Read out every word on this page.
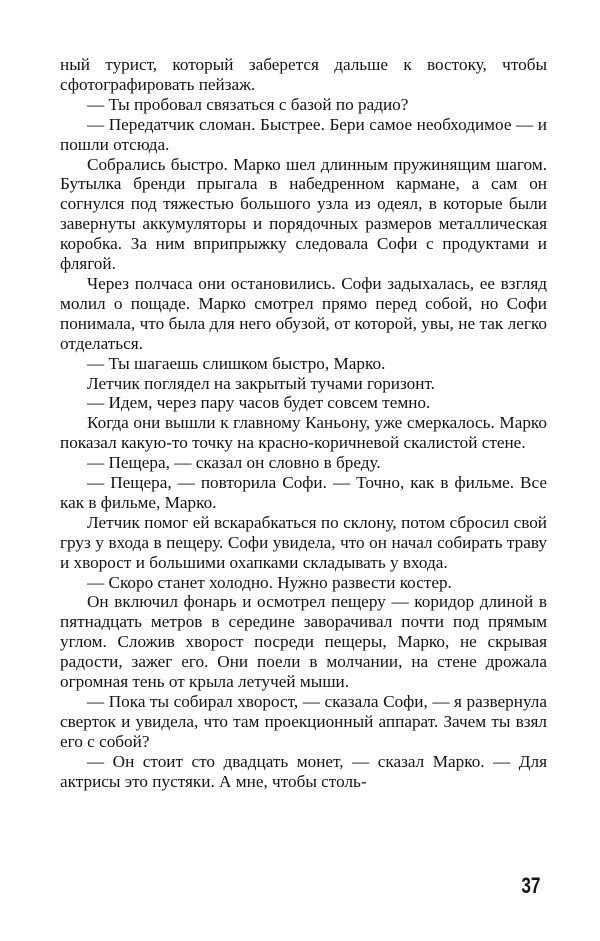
ный турист, который заберется дальше к востоку, чтобы сфотографировать пейзаж.

— Ты пробовал связаться с базой по радио?

— Передатчик сломан. Быстрее. Бери самое необходимое — и пошли отсюда.

Собрались быстро. Марко шел длинным пружинящим шагом. Бутылка бренди прыгала в набедренном кармане, а сам он согнулся под тяжестью большого узла из одеял, в которые были завернуты аккумуляторы и порядочных размеров металлическая коробка. За ним вприпрыжку следовала Софи с продуктами и флягой.

Через полчаса они остановились. Софи задыхалась, ее взгляд молил о пощаде. Марко смотрел прямо перед собой, но Софи понимала, что была для него обузой, от которой, увы, не так легко отделаться.

— Ты шагаешь слишком быстро, Марко.

Летчик поглядел на закрытый тучами горизонт.

— Идем, через пару часов будет совсем темно.

Когда они вышли к главному Каньону, уже смеркалось. Марко показал какую-то точку на красно-коричневой скалистой стене.

— Пещера, — сказал он словно в бреду.

— Пещера, — повторила Софи. — Точно, как в фильме. Все как в фильме, Марко.

Летчик помог ей вскарабкаться по склону, потом сбросил свой груз у входа в пещеру. Софи увидела, что он начал собирать траву и хворост и большими охапками складывать у входа.

— Скоро станет холодно. Нужно развести костер.

Он включил фонарь и осмотрел пещеру — коридор длиной в пятнадцать метров в середине заворачивал почти под прямым углом. Сложив хворост посреди пещеры, Марко, не скрывая радости, зажег его. Они поели в молчании, на стене дрожала огромная тень от крыла летучей мыши.

— Пока ты собирал хворост, — сказала Софи, — я развернула сверток и увидела, что там проекционный аппарат. Зачем ты взял его с собой?

— Он стоит сто двадцать монет, — сказал Марко. — Для актрисы это пустяки. А мне, чтобы столь-

37
